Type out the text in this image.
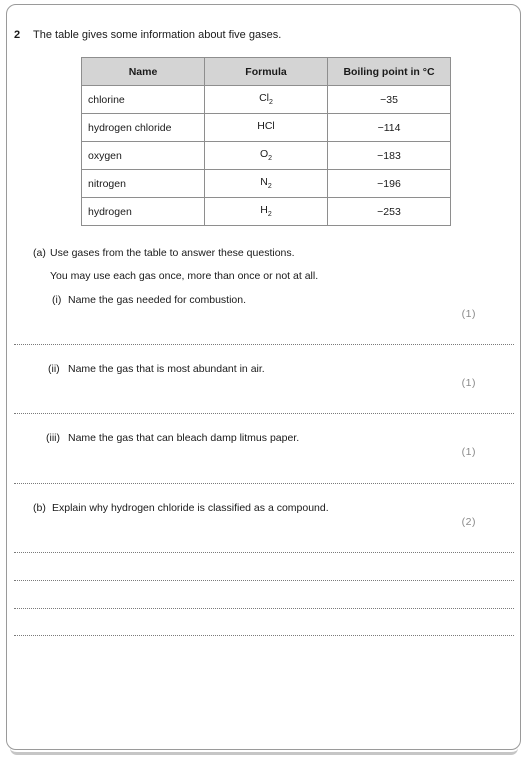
2 The table gives some information about five gases.
Name	Formula	Boiling point in °C
chlorine	$Cl_2$	−35
hydrogen chloride	HCl	−114
oxygen	$O_2$	−183
nitrogen	$N_2$	−196
hydrogen	$H_2$	−253
(a) Use gases from the table to answer these questions.
You may use each gas once, more than once or not at all.
(i) Name the gas needed for combustion.
(1)
(ii) Name the gas that is most abundant in air.
(1)
(iii) Name the gas that can bleach damp litmus paper.
(1)
(b) Explain why hydrogen chloride is classified as a compound.
(2)
